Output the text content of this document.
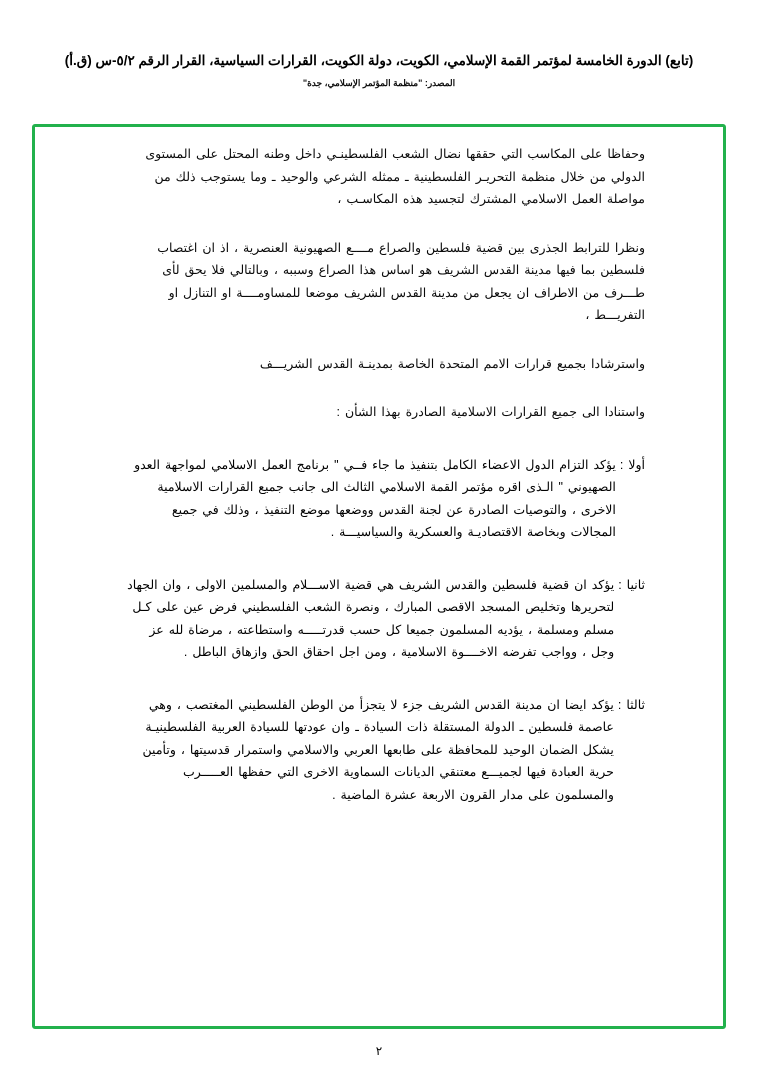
(تابع) الدورة الخامسة لمؤتمر القمة الإسلامي، الكويت، دولة الكويت، القرارات السياسية، القرار الرقم ٥/٢-س (ق.أ)
المصدر: "منظمة المؤتمر الإسلامي، جدة"
وحفاظا على المكاسب التي حققها نضال الشعب الفلسطينـي داخل وطنه المحتل على المستوى الدولي من خلال منظمة التحريـر الفلسطينية ـ ممثله الشرعي والوحيد ـ وما يستوجب ذلك من مواصلة العمل الاسلامي المشترك لتجسيد هذه المكاسـب ،
ونظرا للترابط الجذرى بين قضية فلسطين والصراع مــــع الصهيونية العنصرية ، اذ ان اغتصاب فلسطين بما فيها مدينة القدس الشريف هو اساس هذا الصراع وسببه ، وبالتالي فلا يحق لأى طـــرف من الاطراف ان يجعل من مدينة القدس الشريف موضعا للمساومــــة او التنازل او التفريـــط ،
واسترشادا بجميع قرارات الامم المتحدة الخاصة بمدينـة القدس الشريـــف
واستنادا الى جميع القرارات الاسلامية الصادرة بهذا الشأن :
أولا :
يؤكد التزام الدول الاعضاء الكامل بتنفيذ ما جاء فــي " برنامج العمل الاسلامي لمواجهة العدو الصهيوني " الـذى اقره مؤتمر القمة الاسلامي الثالث الى جانب جميع القرارات الاسلامية الاخرى ، والتوصيات الصادرة عن لجنة القدس ووضعها موضع التنفيذ ، وذلك في جميع المجالات وبخاصة الاقتصاديـة والعسكرية والسياسيـــة .
ثانيا :
يؤكد ان قضية فلسطين والقدس الشريف هي قضية الاســـلام والمسلمين الاولى ، وان الجهاد لتحريرها وتخليص المسجد الاقصى المبارك ، ونصرة الشعب الفلسطيني فرض عين على كـل مسلم ومسلمة ، يؤديه المسلمون جميعا كل حسب قدرتـــــه واستطاعته ، مرضاة لله عز وجل ، وواجب تفرضه الاخــــوة الاسلامية ، ومن اجل احقاق الحق وازهاق الباطل .
ثالثا :
يؤكد ايضا ان مدينة القدس الشريف جزء لا يتجزأ من الوطن الفلسطيني المغتصب ، وهي عاصمة فلسطين ـ الدولة المستقلة ذات السيادة ـ وان عودتها للسيادة العربية الفلسطينيـة يشكل الضمان الوحيد للمحافظة على طابعها العربي والاسلامي واستمرار قدسيتها ، وتأمين حرية العبادة فيها لجميـــع معتنقي الديانات السماوية الاخرى التي حفظها العـــــرب والمسلمون على مدار القرون الاربعة عشرة الماضية .
٢
